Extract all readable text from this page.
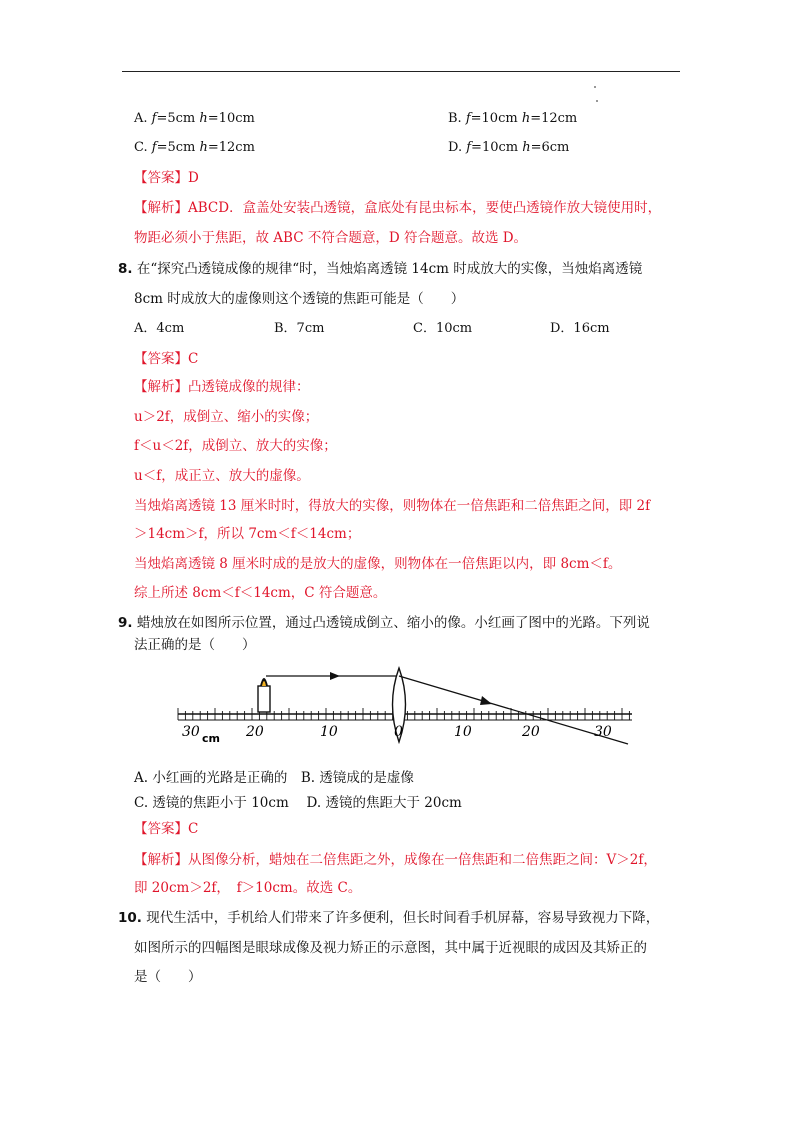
A. f=5cm h=10cm	B. f=10cm h=12cm
C. f=5cm h=12cm	D. f=10cm h=6cm
【答案】D
【解析】ABCD．盒盖处安装凸透镜，盒底处有昆虫标本，要使凸透镜作放大镜使用时，
物距必须小于焦距，故 ABC 不符合题意，D 符合题意。故选 D。
8. 在“探究凸透镜成像的规律“时，当烛焰离透镜 14cm 时成放大的实像，当烛焰离透镜
8cm 时成放大的虚像则这个透镜的焦距可能是（　　）
A．4cm	B．7cm	C．10cm	D．16cm
【答案】C
【解析】凸透镜成像的规律：
u＞2f，成倒立、缩小的实像；
f＜u＜2f，成倒立、放大的实像；
u＜f，成正立、放大的虚像。
当烛焰离透镜 13 厘米时时，得放大的实像，则物体在一倍焦距和二倍焦距之间，即 2f
＞14cm＞f，所以 7cm＜f＜14cm；
当烛焰离透镜 8 厘米时成的是放大的虚像，则物体在一倍焦距以内，即 8cm＜f。
综上所述 8cm＜f＜14cm，C 符合题意。
9. 蜡烛放在如图所示位置，通过凸透镜成倒立、缩小的像。小红画了图中的光路。下列说
法正确的是（　　）
30 cm 20	10	0	10	20	30
A. 小红画的光路是正确的　B. 透镜成的是虚像
C. 透镜的焦距小于 10cm　 D. 透镜的焦距大于 20cm
【答案】C
【解析】从图像分析，蜡烛在二倍焦距之外，成像在一倍焦距和二倍焦距之间：V＞2f，
即 20cm＞2f，　f＞10cm。故选 C。
10. 现代生活中，手机给人们带来了许多便利，但长时间看手机屏幕，容易导致视力下降，
如图所示的四幅图是眼球成像及视力矫正的示意图，其中属于近视眼的成因及其矫正的
是（　　）
